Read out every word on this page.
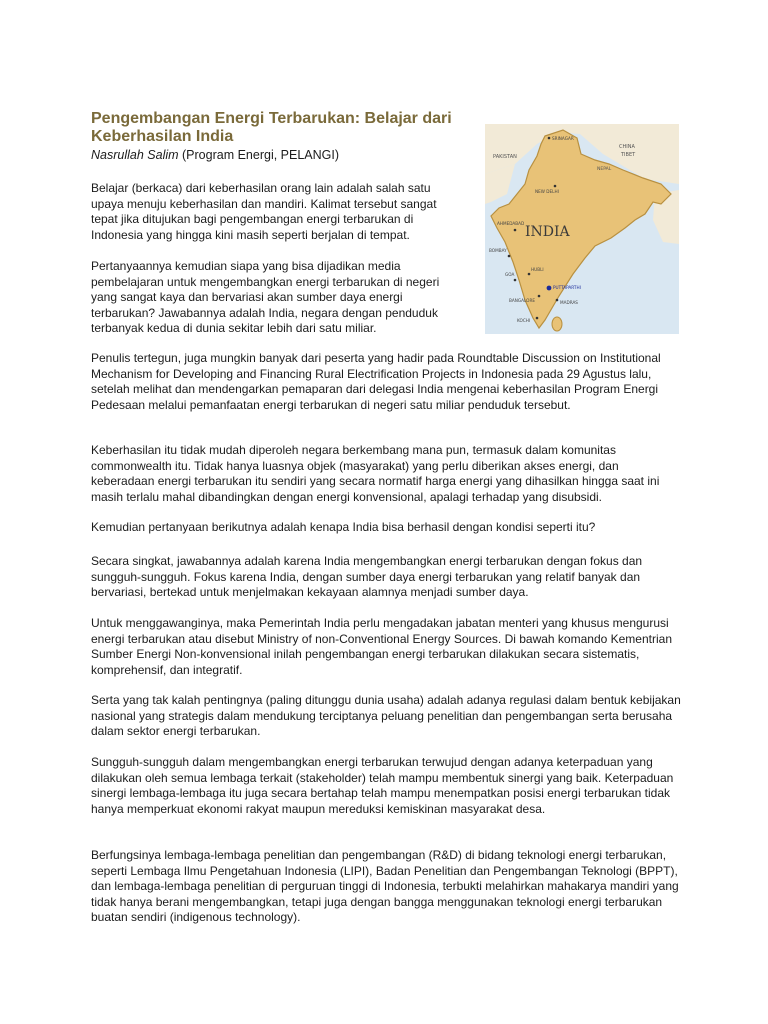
Pengembangan Energi Terbarukan: Belajar dari Keberhasilan India
Nasrullah Salim (Program Energi, PELANGI)	PAKISTAN
CHINA
TIBET
NEPAL
INDIA
SRINAGAR
NEW DELHI
AHMEDABAD
BOMBAY
GOA
HUBLI
BANGALORE
PUTTAPARTHI
MADRAS
KOCHI

Belajar (berkaca) dari keberhasilan orang lain adalah salah satu upaya menuju keberhasilan dan mandiri. Kalimat tersebut sangat tepat jika ditujukan bagi pengembangan energi terbarukan di Indonesia yang hingga kini masih seperti berjalan di tempat.

Pertanyaannya kemudian siapa yang bisa dijadikan media pembelajaran untuk mengembangkan energi terbarukan di negeri yang sangat kaya dan bervariasi akan sumber daya energi terbarukan? Jawabannya adalah India, negara dengan penduduk terbanyak kedua di dunia sekitar lebih dari satu miliar.

Penulis tertegun, juga mungkin banyak dari peserta yang hadir pada Roundtable Discussion on Institutional Mechanism for Developing and Financing Rural Electrification Projects in Indonesia pada 29 Agustus lalu, setelah melihat dan mendengarkan pemaparan dari delegasi India mengenai keberhasilan Program Energi Pedesaan melalui pemanfaatan energi terbarukan di negeri satu miliar penduduk tersebut.

Keberhasilan itu tidak mudah diperoleh negara berkembang mana pun, termasuk dalam komunitas commonwealth itu. Tidak hanya luasnya objek (masyarakat) yang perlu diberikan akses energi, dan keberadaan energi terbarukan itu sendiri yang secara normatif harga energi yang dihasilkan hingga saat ini masih terlalu mahal dibandingkan dengan energi konvensional, apalagi terhadap yang disubsidi.

Kemudian pertanyaan berikutnya adalah kenapa India bisa berhasil dengan kondisi seperti itu?

Secara singkat, jawabannya adalah karena India mengembangkan energi terbarukan dengan fokus dan sungguh-sungguh. Fokus karena India, dengan sumber daya energi terbarukan yang relatif banyak dan bervariasi, bertekad untuk menjelmakan kekayaan alamnya menjadi sumber daya.

Untuk menggawanginya, maka Pemerintah India perlu mengadakan jabatan menteri yang khusus mengurusi energi terbarukan atau disebut Ministry of non-Conventional Energy Sources. Di bawah komando Kementrian Sumber Energi Non-konvensional inilah pengembangan energi terbarukan dilakukan secara sistematis, komprehensif, dan integratif.

Serta yang tak kalah pentingnya (paling ditunggu dunia usaha) adalah adanya regulasi dalam bentuk kebijakan nasional yang strategis dalam mendukung terciptanya peluang penelitian dan pengembangan serta berusaha dalam sektor energi terbarukan.

Sungguh-sungguh dalam mengembangkan energi terbarukan terwujud dengan adanya keterpaduan yang dilakukan oleh semua lembaga terkait (stakeholder) telah mampu membentuk sinergi yang baik. Keterpaduan sinergi lembaga-lembaga itu juga secara bertahap telah mampu menempatkan posisi energi terbarukan tidak hanya memperkuat ekonomi rakyat maupun mereduksi kemiskinan masyarakat desa.

Berfungsinya lembaga-lembaga penelitian dan pengembangan (R&D) di bidang teknologi energi terbarukan, seperti Lembaga Ilmu Pengetahuan Indonesia (LIPI), Badan Penelitian dan Pengembangan Teknologi (BPPT), dan lembaga-lembaga penelitian di perguruan tinggi di Indonesia, terbukti melahirkan mahakarya mandiri yang tidak hanya berani mengembangkan, tetapi juga dengan bangga menggunakan teknologi energi terbarukan buatan sendiri (indigenous technology).
